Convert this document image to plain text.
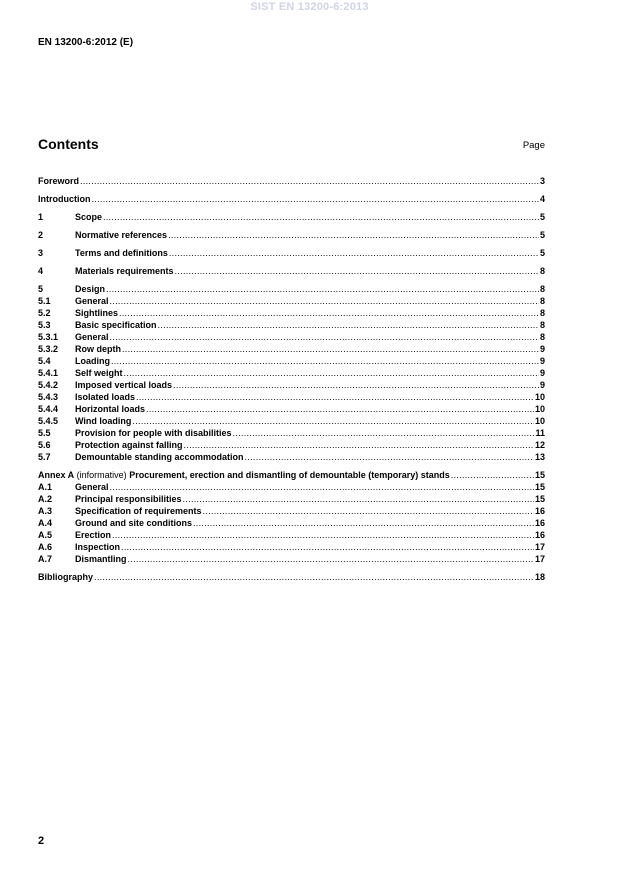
SIST EN 13200-6:2013
EN 13200-6:2012 (E)
Contents	Page
Foreword .....	3
Introduction .....	4
1	Scope .....	5
2	Normative references .....	5
3	Terms and definitions .....	5
4	Materials requirements .....	8
5	Design .....	8
5.1	General .....	8
5.2	Sightlines .....	8
5.3	Basic specification .....	8
5.3.1	General .....	8
5.3.2	Row depth .....	9
5.4	Loading .....	9
5.4.1	Self weight .....	9
5.4.2	Imposed vertical loads .....	9
5.4.3	Isolated loads .....	10
5.4.4	Horizontal loads .....	10
5.4.5	Wind loading .....	10
5.5	Provision for people with disabilities .....	11
5.6	Protection against falling .....	12
5.7	Demountable standing accommodation .....	13
Annex A (informative) Procurement, erection and dismantling of demountable (temporary) stands .....	15
A.1	General .....	15
A.2	Principal responsibilities .....	15
A.3	Specification of requirements .....	16
A.4	Ground and site conditions .....	16
A.5	Erection .....	16
A.6	Inspection .....	17
A.7	Dismantling .....	17
Bibliography .....	18
2
